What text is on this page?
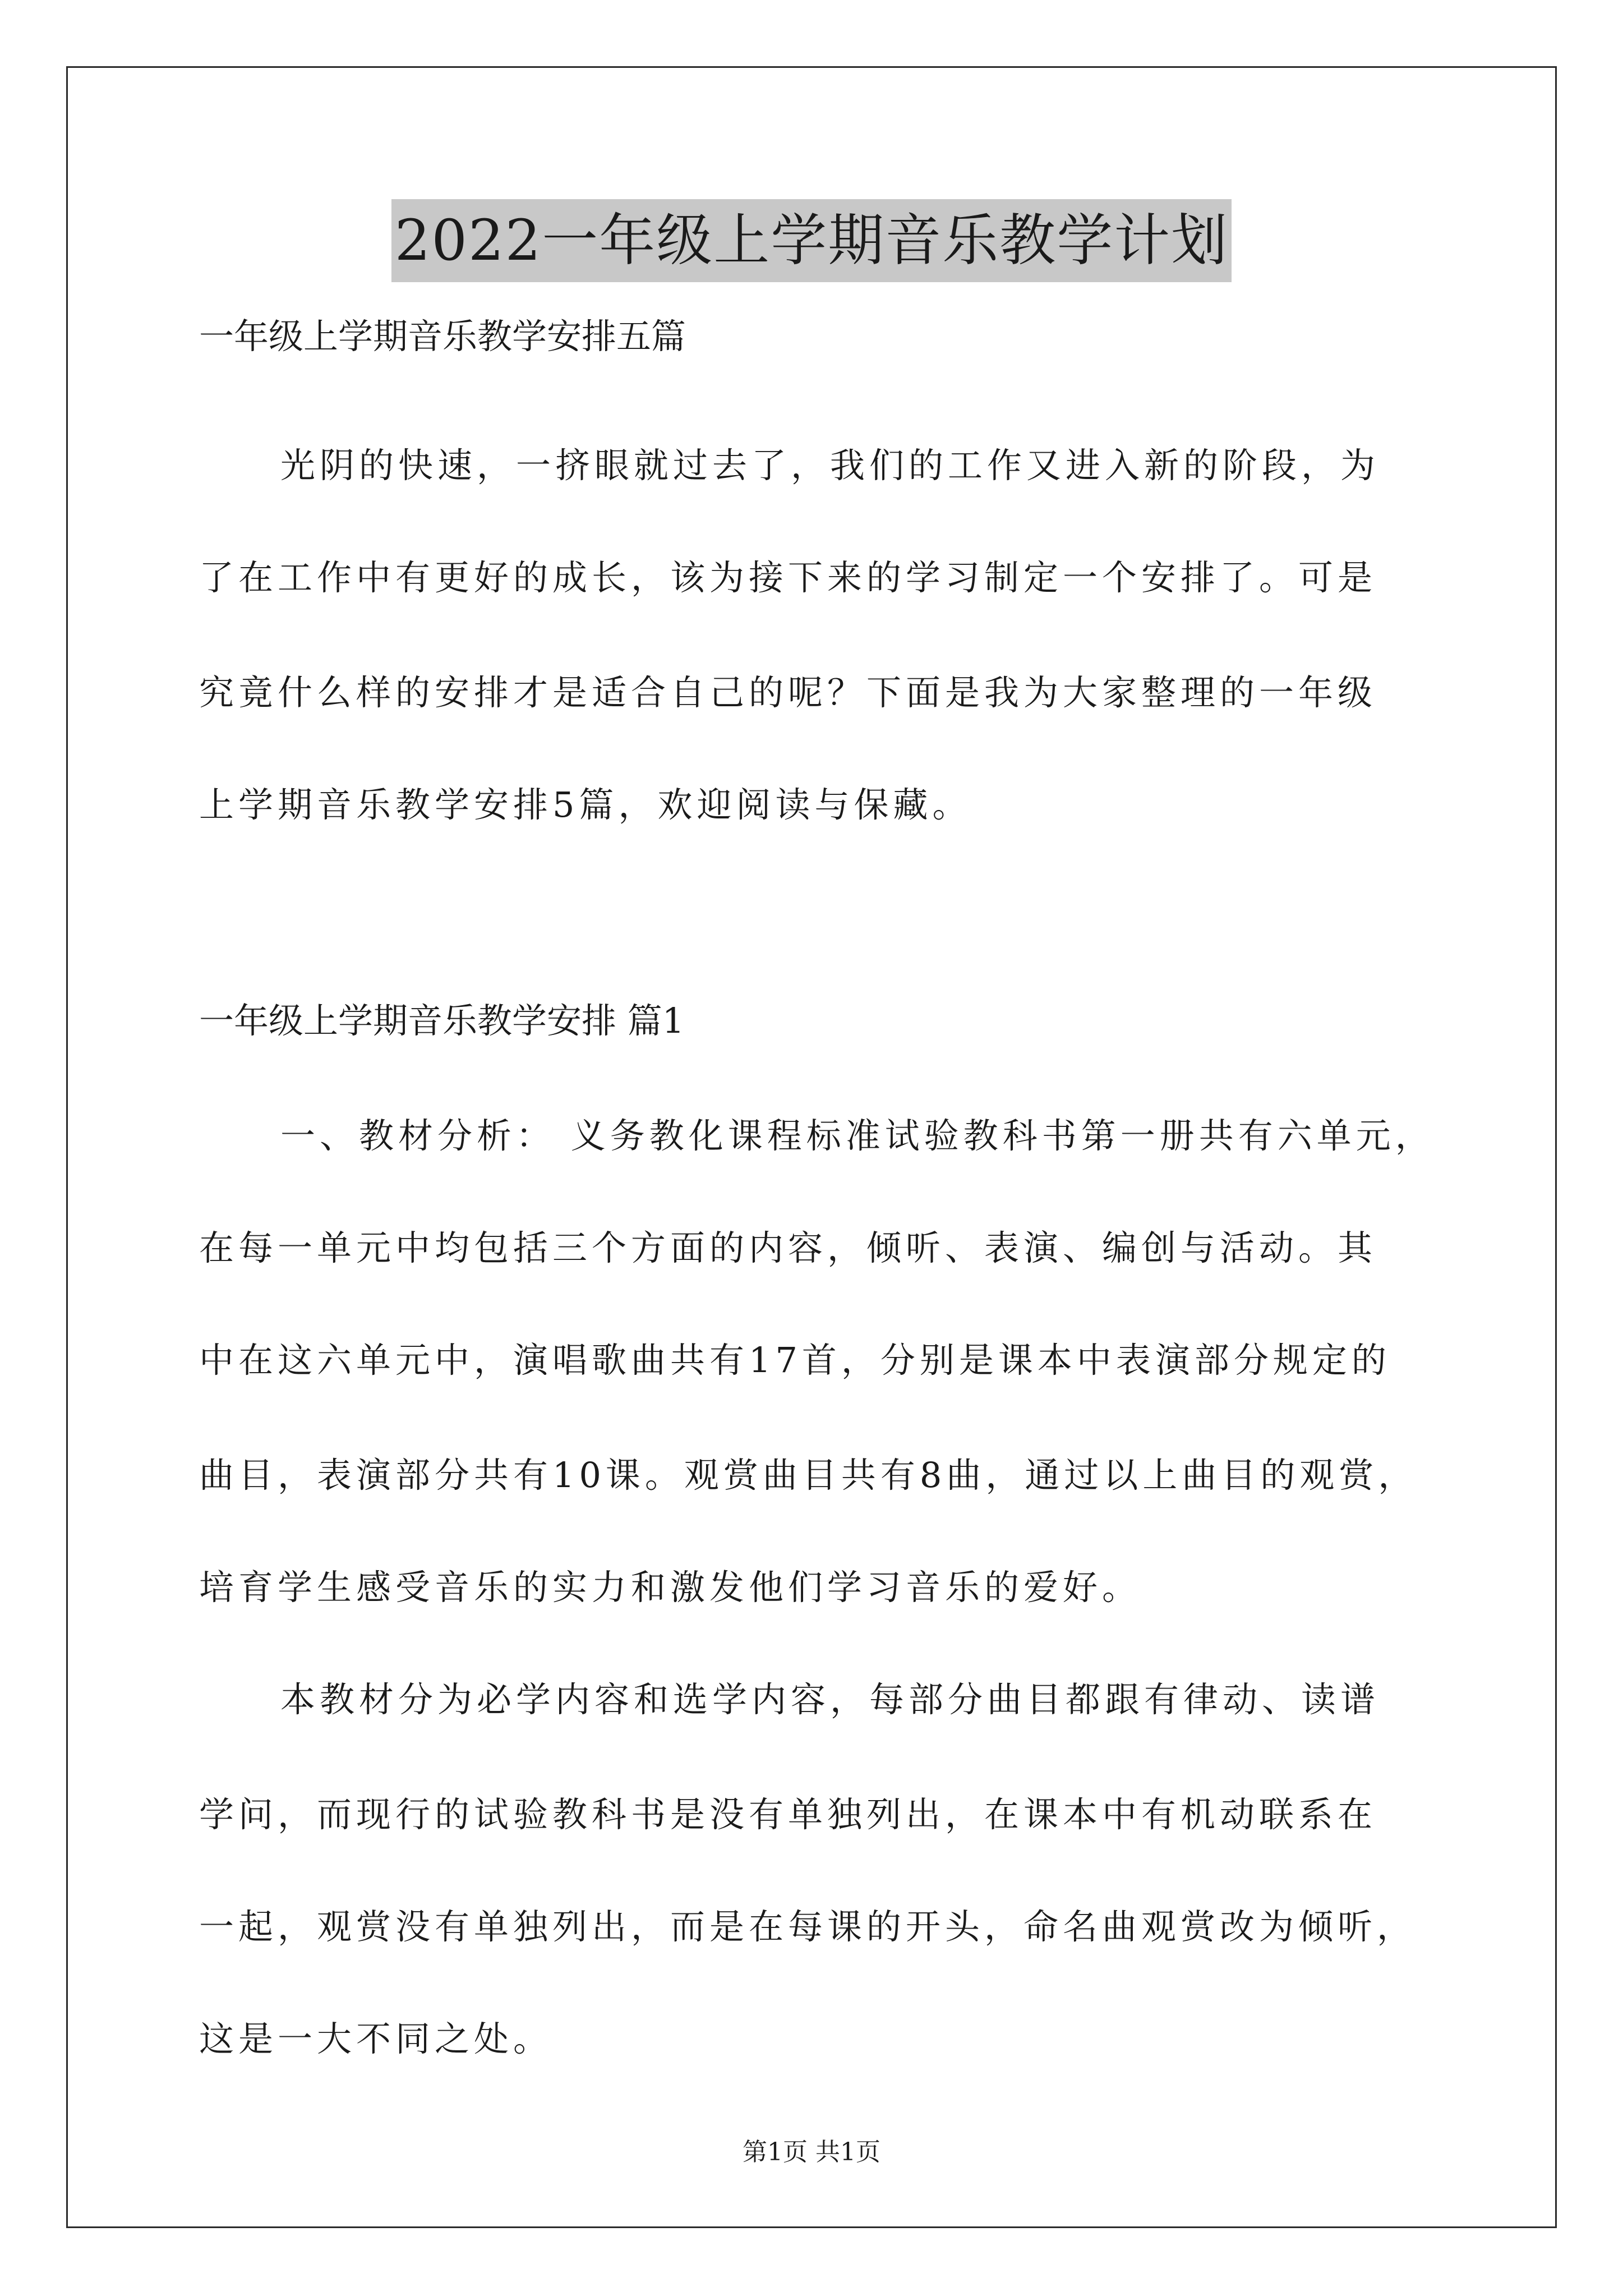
2022一年级上学期音乐教学计划
一年级上学期音乐教学安排五篇
光阴的快速，一挤眼就过去了，我们的工作又进入新的阶段，为
了在工作中有更好的成长，该为接下来的学习制定一个安排了。可是
究竟什么样的安排才是适合自己的呢？下面是我为大家整理的一年级
上学期音乐教学安排5篇，欢迎阅读与保藏。
一年级上学期音乐教学安排 篇1
一、教材分析： 义务教化课程标准试验教科书第一册共有六单元，
在每一单元中均包括三个方面的内容，倾听、表演、编创与活动。其
中在这六单元中，演唱歌曲共有17首，分别是课本中表演部分规定的
曲目，表演部分共有10课。观赏曲目共有8曲，通过以上曲目的观赏，
培育学生感受音乐的实力和激发他们学习音乐的爱好。
本教材分为必学内容和选学内容，每部分曲目都跟有律动、读谱
学问，而现行的试验教科书是没有单独列出，在课本中有机动联系在
一起，观赏没有单独列出，而是在每课的开头，命名曲观赏改为倾听，
这是一大不同之处。
第1页 共1页
